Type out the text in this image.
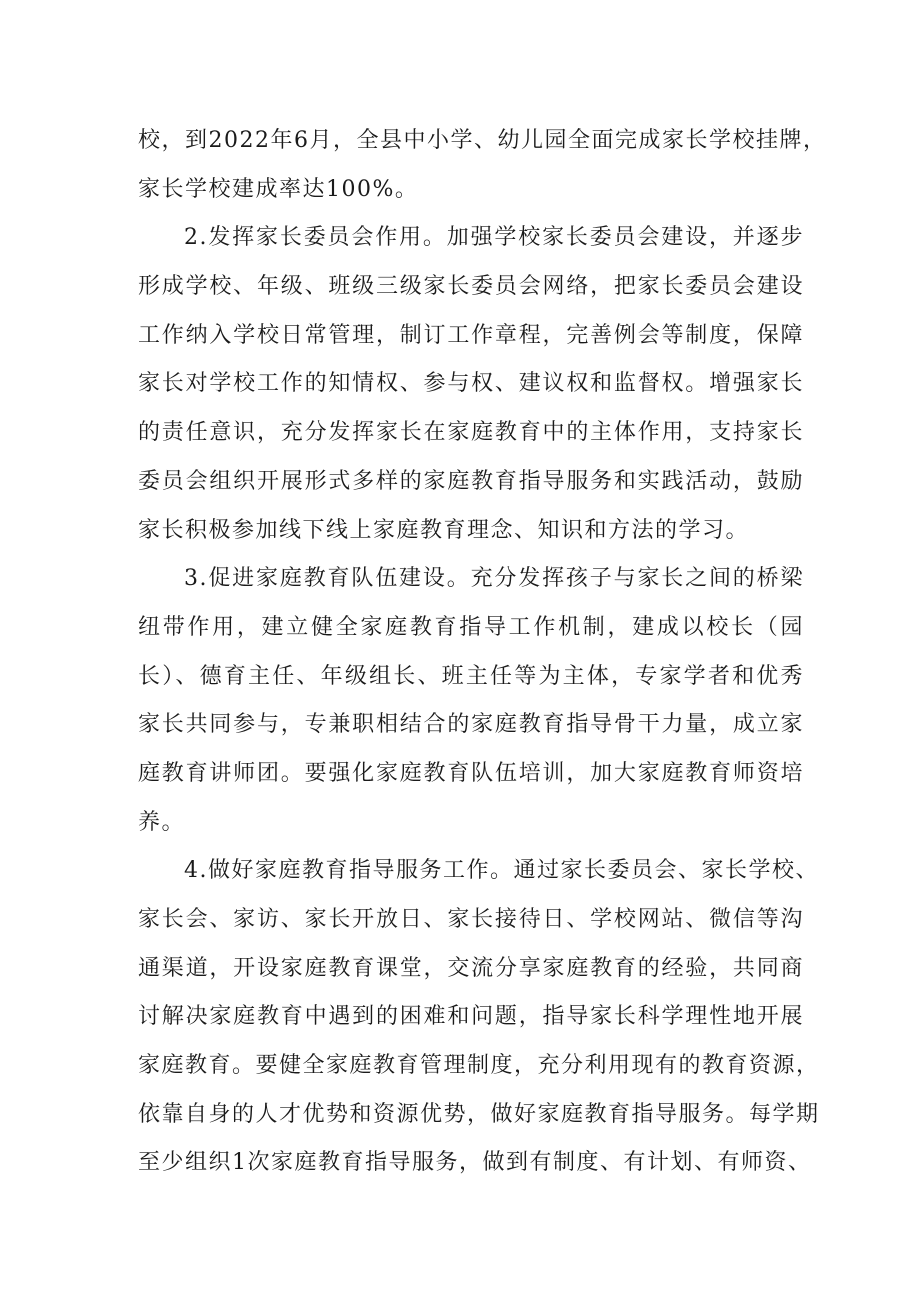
校，到2022年6月，全县中小学、幼儿园全面完成家长学校挂牌，
家长学校建成率达100%。
2.发挥家长委员会作用。加强学校家长委员会建设，并逐步
形成学校、年级、班级三级家长委员会网络，把家长委员会建设
工作纳入学校日常管理，制订工作章程，完善例会等制度，保障
家长对学校工作的知情权、参与权、建议权和监督权。增强家长
的责任意识，充分发挥家长在家庭教育中的主体作用，支持家长
委员会组织开展形式多样的家庭教育指导服务和实践活动，鼓励
家长积极参加线下线上家庭教育理念、知识和方法的学习。
3.促进家庭教育队伍建设。充分发挥孩子与家长之间的桥梁
纽带作用，建立健全家庭教育指导工作机制，建成以校长（园
长）、德育主任、年级组长、班主任等为主体，专家学者和优秀
家长共同参与，专兼职相结合的家庭教育指导骨干力量，成立家
庭教育讲师团。要强化家庭教育队伍培训，加大家庭教育师资培
养。
4.做好家庭教育指导服务工作。通过家长委员会、家长学校、
家长会、家访、家长开放日、家长接待日、学校网站、微信等沟
通渠道，开设家庭教育课堂，交流分享家庭教育的经验，共同商
讨解决家庭教育中遇到的困难和问题，指导家长科学理性地开展
家庭教育。要健全家庭教育管理制度，充分利用现有的教育资源，
依靠自身的人才优势和资源优势，做好家庭教育指导服务。每学期
至少组织1次家庭教育指导服务，做到有制度、有计划、有师资、
